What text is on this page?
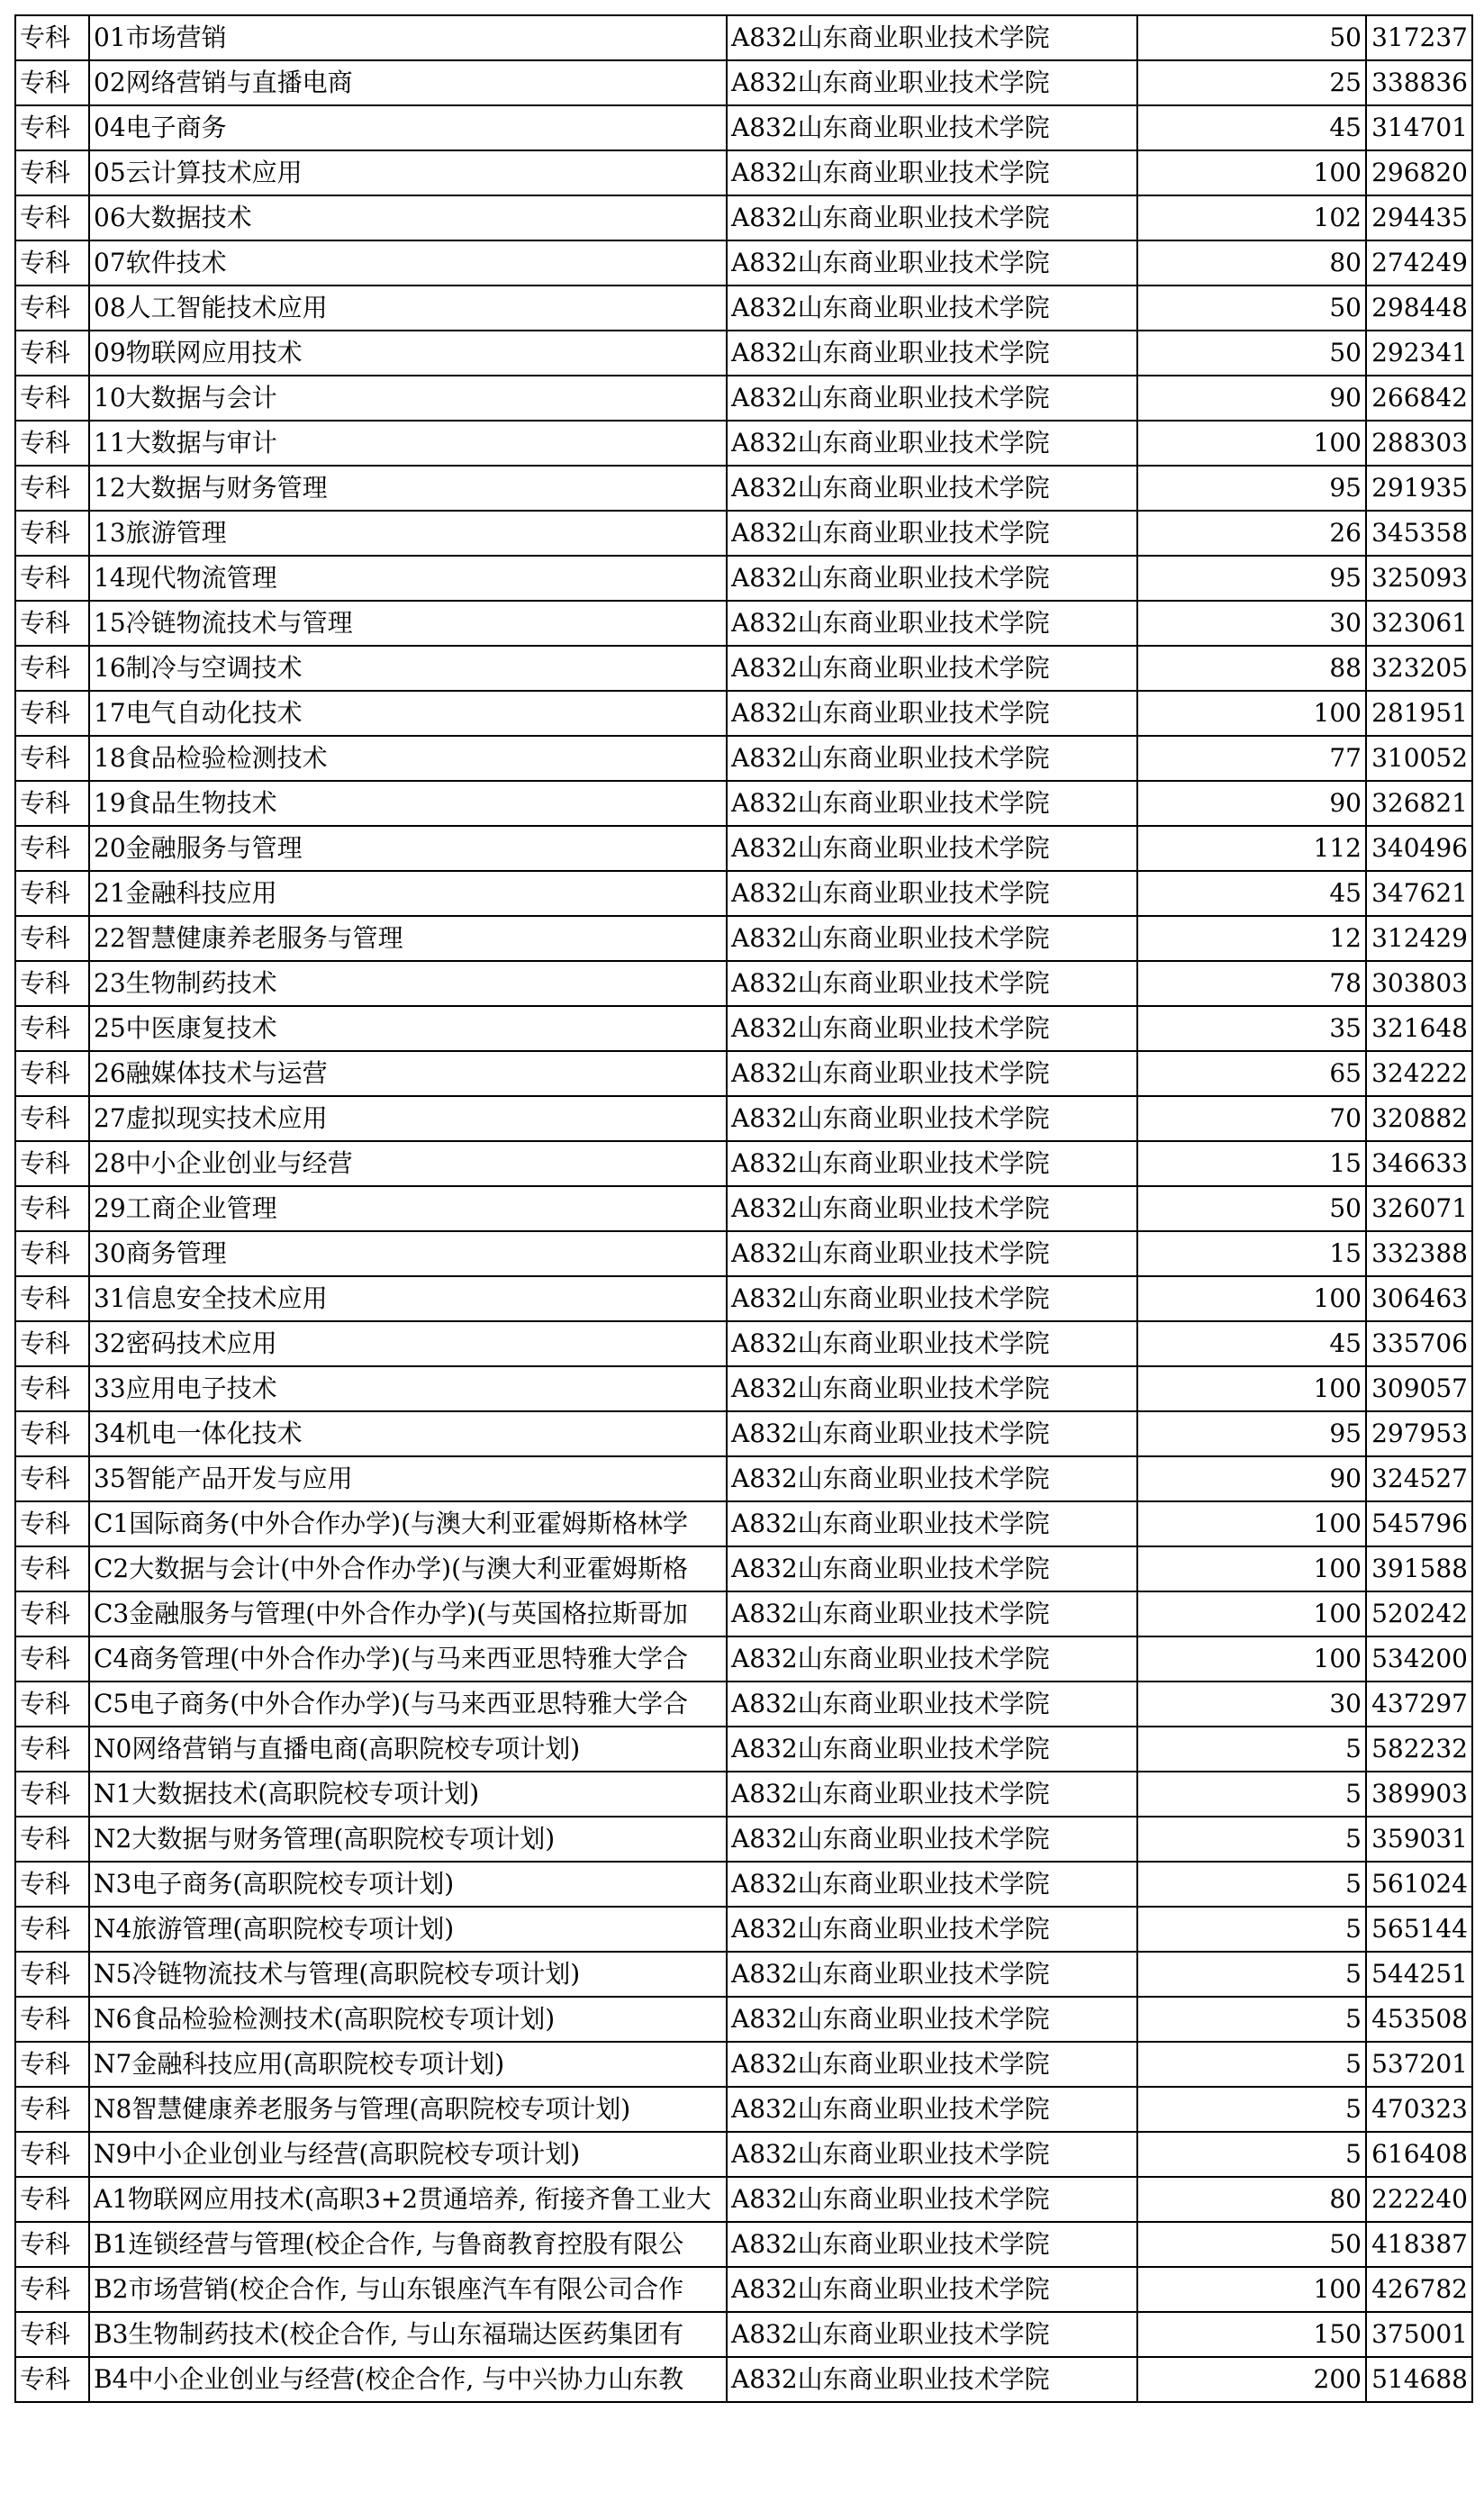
专科	01市场营销	A832山东商业职业技术学院	50	317237
专科	02网络营销与直播电商	A832山东商业职业技术学院	25	338836
专科	04电子商务	A832山东商业职业技术学院	45	314701
专科	05云计算技术应用	A832山东商业职业技术学院	100	296820
专科	06大数据技术	A832山东商业职业技术学院	102	294435
专科	07软件技术	A832山东商业职业技术学院	80	274249
专科	08人工智能技术应用	A832山东商业职业技术学院	50	298448
专科	09物联网应用技术	A832山东商业职业技术学院	50	292341
专科	10大数据与会计	A832山东商业职业技术学院	90	266842
专科	11大数据与审计	A832山东商业职业技术学院	100	288303
专科	12大数据与财务管理	A832山东商业职业技术学院	95	291935
专科	13旅游管理	A832山东商业职业技术学院	26	345358
专科	14现代物流管理	A832山东商业职业技术学院	95	325093
专科	15冷链物流技术与管理	A832山东商业职业技术学院	30	323061
专科	16制冷与空调技术	A832山东商业职业技术学院	88	323205
专科	17电气自动化技术	A832山东商业职业技术学院	100	281951
专科	18食品检验检测技术	A832山东商业职业技术学院	77	310052
专科	19食品生物技术	A832山东商业职业技术学院	90	326821
专科	20金融服务与管理	A832山东商业职业技术学院	112	340496
专科	21金融科技应用	A832山东商业职业技术学院	45	347621
专科	22智慧健康养老服务与管理	A832山东商业职业技术学院	12	312429
专科	23生物制药技术	A832山东商业职业技术学院	78	303803
专科	25中医康复技术	A832山东商业职业技术学院	35	321648
专科	26融媒体技术与运营	A832山东商业职业技术学院	65	324222
专科	27虚拟现实技术应用	A832山东商业职业技术学院	70	320882
专科	28中小企业创业与经营	A832山东商业职业技术学院	15	346633
专科	29工商企业管理	A832山东商业职业技术学院	50	326071
专科	30商务管理	A832山东商业职业技术学院	15	332388
专科	31信息安全技术应用	A832山东商业职业技术学院	100	306463
专科	32密码技术应用	A832山东商业职业技术学院	45	335706
专科	33应用电子技术	A832山东商业职业技术学院	100	309057
专科	34机电一体化技术	A832山东商业职业技术学院	95	297953
专科	35智能产品开发与应用	A832山东商业职业技术学院	90	324527
专科	C1国际商务(中外合作办学)(与澳大利亚霍姆斯格林学	A832山东商业职业技术学院	100	545796
专科	C2大数据与会计(中外合作办学)(与澳大利亚霍姆斯格	A832山东商业职业技术学院	100	391588
专科	C3金融服务与管理(中外合作办学)(与英国格拉斯哥加	A832山东商业职业技术学院	100	520242
专科	C4商务管理(中外合作办学)(与马来西亚思特雅大学合	A832山东商业职业技术学院	100	534200
专科	C5电子商务(中外合作办学)(与马来西亚思特雅大学合	A832山东商业职业技术学院	30	437297
专科	N0网络营销与直播电商(高职院校专项计划)	A832山东商业职业技术学院	5	582232
专科	N1大数据技术(高职院校专项计划)	A832山东商业职业技术学院	5	389903
专科	N2大数据与财务管理(高职院校专项计划)	A832山东商业职业技术学院	5	359031
专科	N3电子商务(高职院校专项计划)	A832山东商业职业技术学院	5	561024
专科	N4旅游管理(高职院校专项计划)	A832山东商业职业技术学院	5	565144
专科	N5冷链物流技术与管理(高职院校专项计划)	A832山东商业职业技术学院	5	544251
专科	N6食品检验检测技术(高职院校专项计划)	A832山东商业职业技术学院	5	453508
专科	N7金融科技应用(高职院校专项计划)	A832山东商业职业技术学院	5	537201
专科	N8智慧健康养老服务与管理(高职院校专项计划)	A832山东商业职业技术学院	5	470323
专科	N9中小企业创业与经营(高职院校专项计划)	A832山东商业职业技术学院	5	616408
专科	A1物联网应用技术(高职3+2贯通培养, 衔接齐鲁工业大	A832山东商业职业技术学院	80	222240
专科	B1连锁经营与管理(校企合作, 与鲁商教育控股有限公	A832山东商业职业技术学院	50	418387
专科	B2市场营销(校企合作, 与山东银座汽车有限公司合作	A832山东商业职业技术学院	100	426782
专科	B3生物制药技术(校企合作, 与山东福瑞达医药集团有	A832山东商业职业技术学院	150	375001
专科	B4中小企业创业与经营(校企合作, 与中兴协力山东教	A832山东商业职业技术学院	200	514688
